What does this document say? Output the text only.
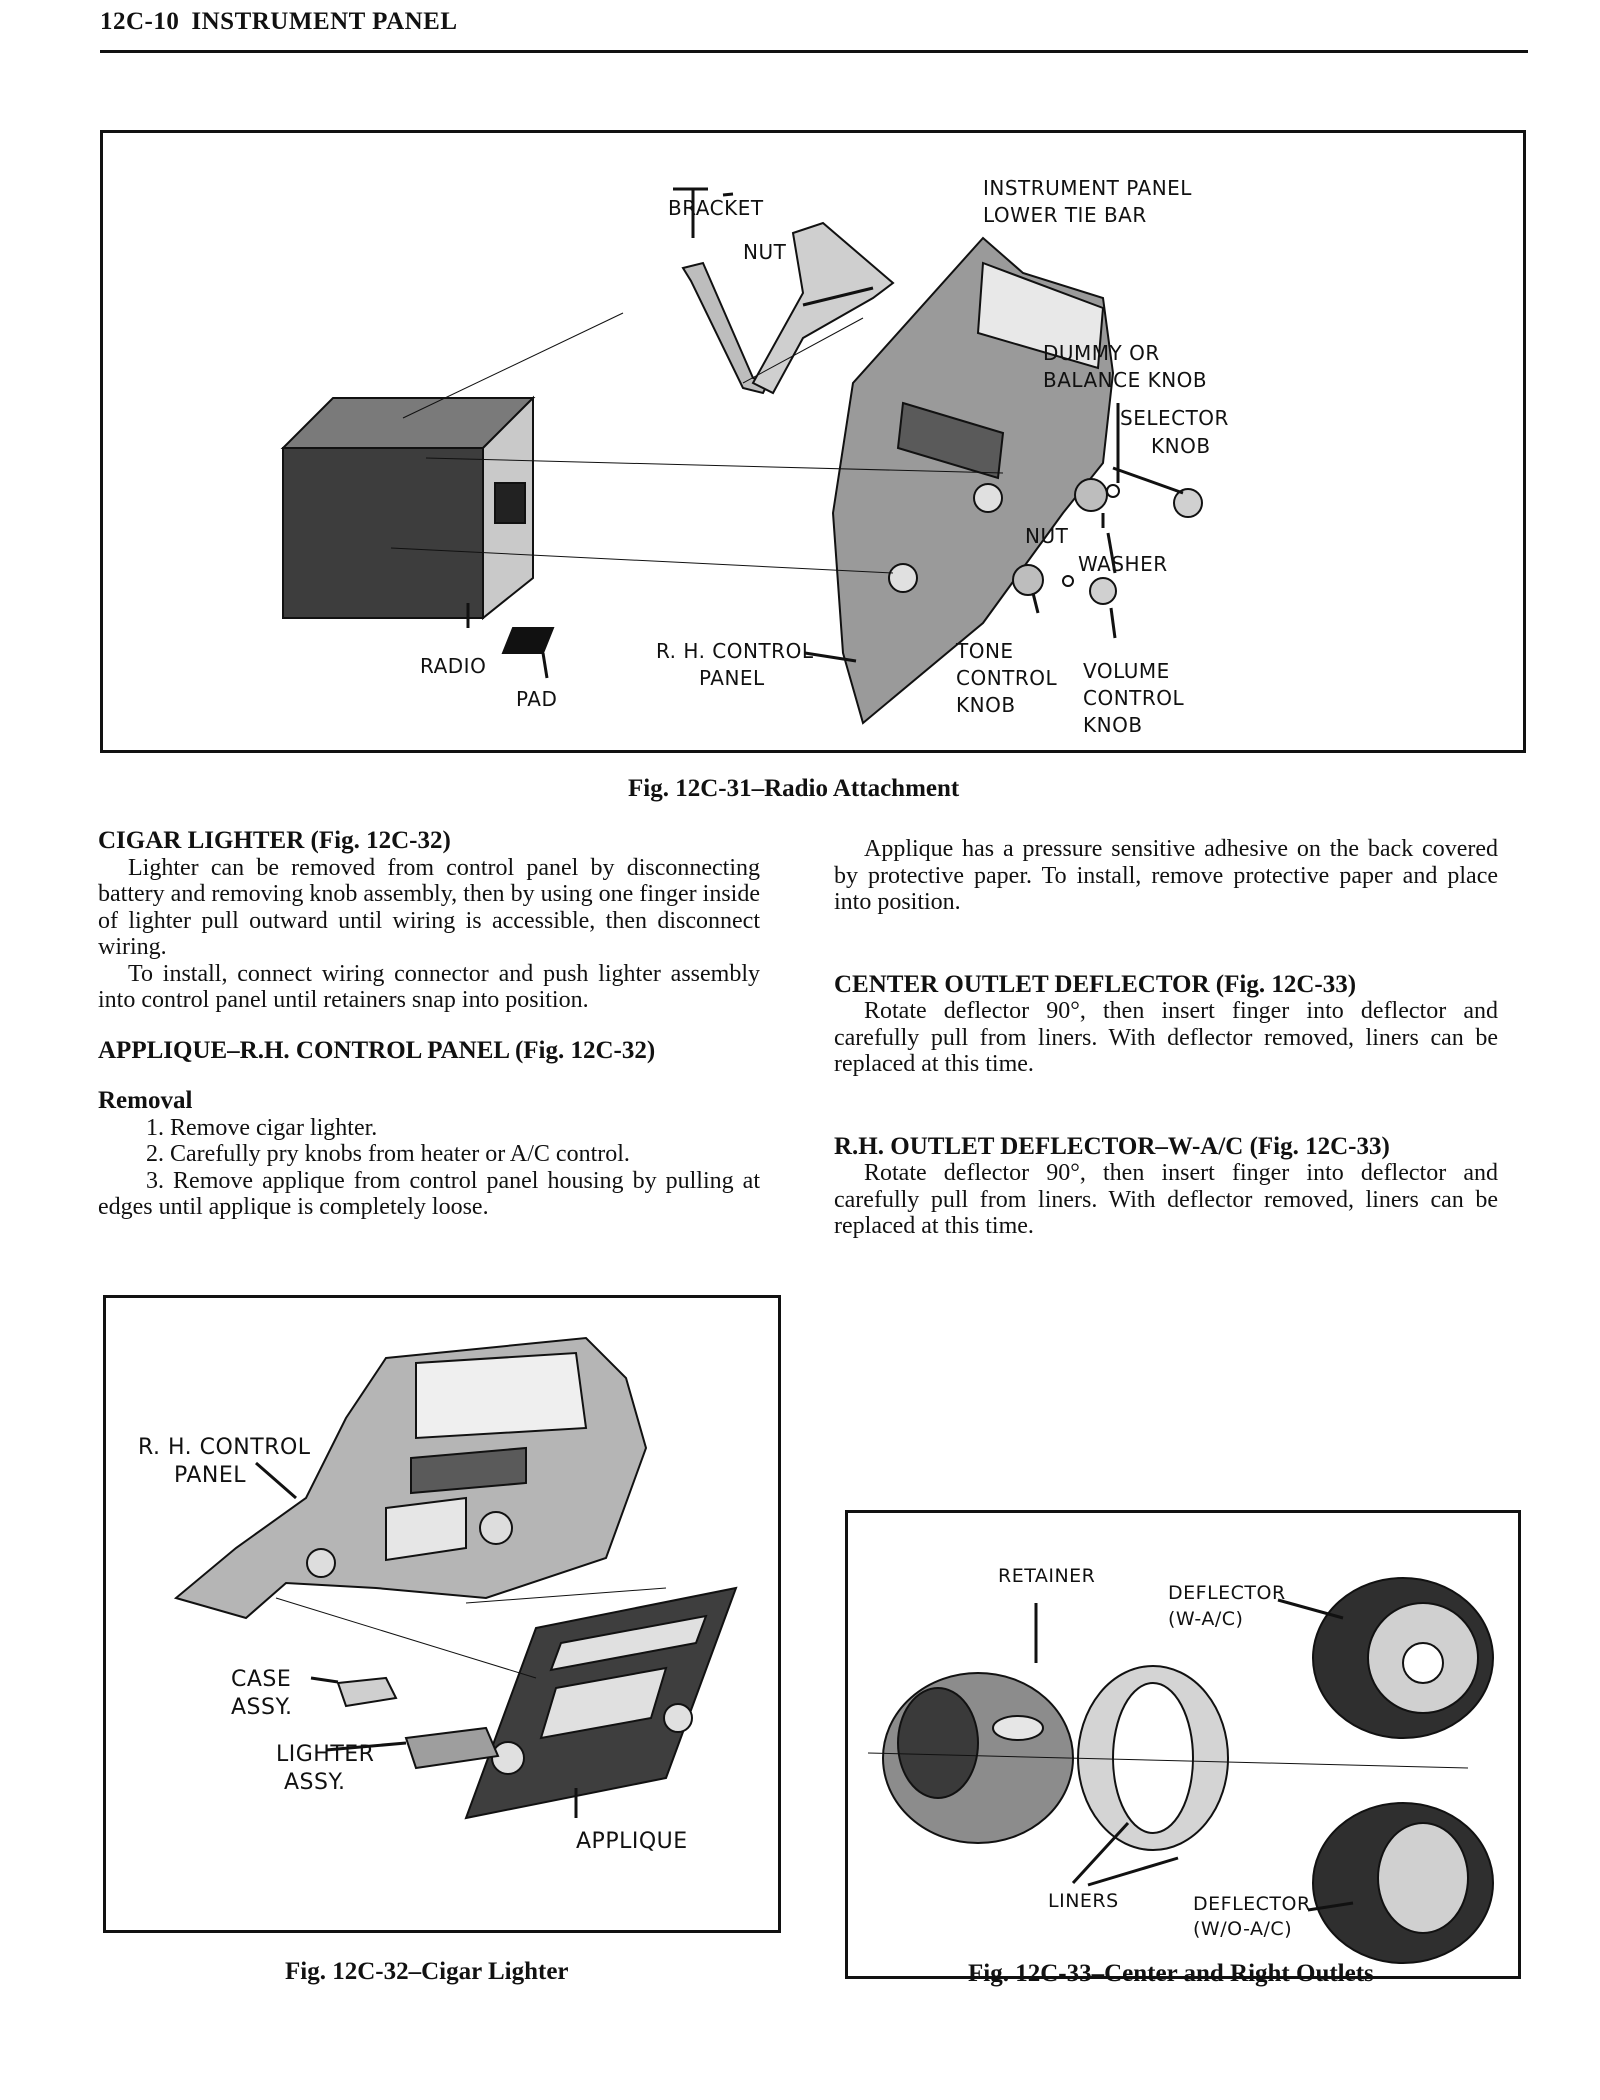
12C-10 INSTRUMENT PANEL
BRACKET
NUT
INSTRUMENT PANEL
LOWER TIE BAR
DUMMY OR
BALANCE KNOB
SELECTOR
KNOB
NUT
WASHER
RADIO
PAD
R. H. CONTROL
PANEL
TONE
CONTROL
KNOB
VOLUME
CONTROL
KNOB
Fig. 12C-31–Radio Attachment

CIGAR LIGHTER (Fig. 12C-32)

Lighter can be removed from control panel by disconnecting battery and removing knob assembly, then by using one finger inside of lighter pull outward until wiring is accessible, then disconnect wiring.

To install, connect wiring connector and push lighter assembly into control panel until retainers snap into position.

APPLIQUE–R.H. CONTROL PANEL (Fig. 12C-32)

Removal

1. Remove cigar lighter.

2. Carefully pry knobs from heater or A/C control.

3. Remove applique from control panel housing by pulling at edges until applique is completely loose.

Applique has a pressure sensitive adhesive on the back covered by protective paper. To install, remove protective paper and place into position.

CENTER OUTLET DEFLECTOR (Fig. 12C-33)

Rotate deflector 90°, then insert finger into deflector and carefully pull from liners. With deflector removed, liners can be replaced at this time.

R.H. OUTLET DEFLECTOR–W-A/C (Fig. 12C-33)

Rotate deflector 90°, then insert finger into deflector and carefully pull from liners. With deflector removed, liners can be replaced at this time.

R. H. CONTROL
PANEL
CASE
ASSY.
LIGHTER
ASSY.
APPLIQUE
Fig. 12C-32–Cigar Lighter
RETAINER
DEFLECTOR
(W-A/C)
LINERS	DEFLECTOR
(W/O-A/C)
Fig. 12C-33–Center and Right Outlets
